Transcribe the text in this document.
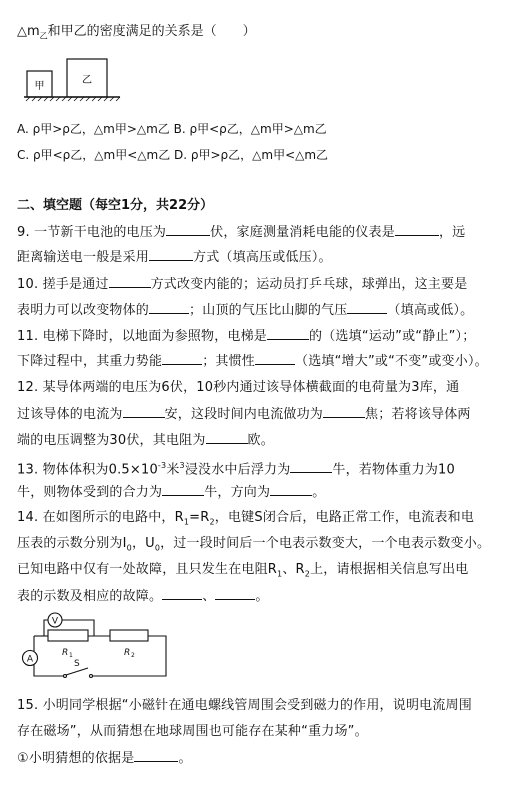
$\triangle m_乙$和甲乙的密度满足的关系是（　　）
甲
乙
A. ρ甲>ρ乙，△m甲>△m乙 B. ρ甲<ρ乙，△m甲>△m乙
C. ρ甲<ρ乙，△m甲<△m乙 D. ρ甲>ρ乙，△m甲<△m乙
二、填空题（每空1分，共22分）
9. 一节新干电池的电压为	伏，家庭测量消耗电能的仪表是	，远
距离输送电一般是采用	方式（填高压或低压）。
10. 搓手是通过	方式改变内能的；运动员打乒乓球，球弹出，这主要是
表明力可以改变物体的	；山顶的气压比山脚的气压	（填高或低）。
11. 电梯下降时，以地面为参照物，电梯是	的（选填“运动”或“静止”）；
下降过程中，其重力势能	；其惯性	（选填“增大”或“不变”或变小）。
12. 某导体两端的电压为6伏，10秒内通过该导体横截面的电荷量为3库，通
过该导体的电流为	安，这段时间内电流做功为	焦；若将该导体两
端的电压调整为30伏，其电阻为	欧。
13. 物体体积为$0.5\times 10^{-3}$米$^3$浸没水中后浮力为	牛，若物体重力为10
牛，则物体受到的合力为	牛，方向为	。
14. 在如图所示的电路中，$R_1=R_2$，电键S闭合后，电路正常工作，电流表和电
压表的示数分别为$I_0$，$U_0$，过一段时间后一个电表示数变大，一个电表示数变小。
已知电路中仅有一处故障，且只发生在电阻$R_1$、$R_2$上，请根据相关信息写出电
表的示数及相应的故障。	、	。
V
A
R 1	R 2
S
15. 小明同学根据“小磁针在通电螺线管周围会受到磁力的作用，说明电流周围
存在磁场”，从而猜想在地球周围也可能存在某种“重力场”。
①小明猜想的依据是	。
